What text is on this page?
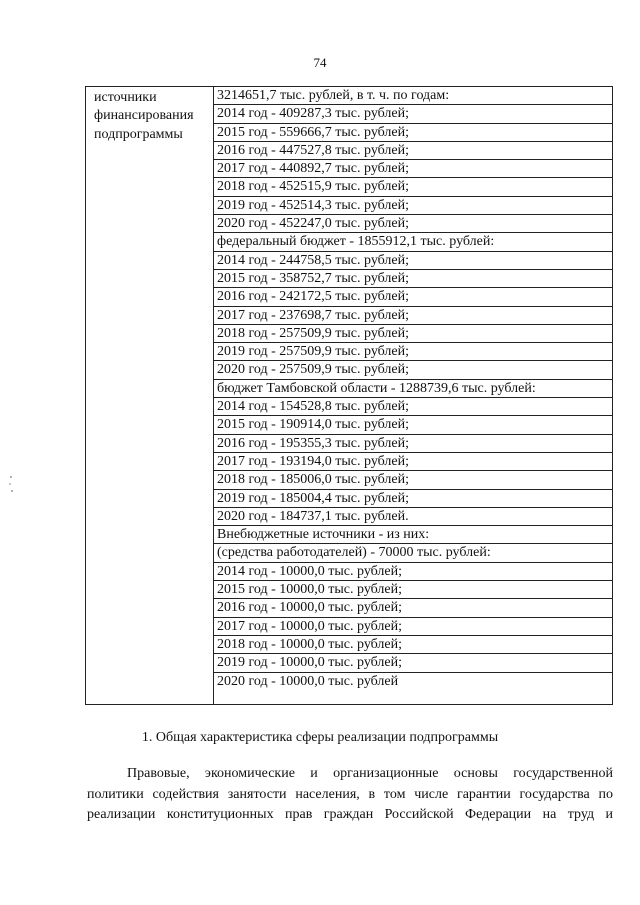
74
источники
финансирования
подпрограммы
3214651,7 тыс. рублей, в т. ч. по годам:
2014 год - 409287,3 тыс. рублей;
2015 год - 559666,7 тыс. рублей;
2016 год - 447527,8 тыс. рублей;
2017 год - 440892,7 тыс. рублей;
2018 год - 452515,9 тыс. рублей;
2019 год - 452514,3 тыс. рублей;
2020 год - 452247,0 тыс. рублей;
федеральный бюджет - 1855912,1 тыс. рублей:
2014 год - 244758,5 тыс. рублей;
2015 год - 358752,7 тыс. рублей;
2016 год - 242172,5 тыс. рублей;
2017 год - 237698,7 тыс. рублей;
2018 год - 257509,9 тыс. рублей;
2019 год - 257509,9 тыс. рублей;
2020 год - 257509,9 тыс. рублей;
бюджет Тамбовской области - 1288739,6 тыс. рублей:
2014 год - 154528,8 тыс. рублей;
2015 год - 190914,0 тыс. рублей;
2016 год - 195355,3 тыс. рублей;
2017 год - 193194,0 тыс. рублей;
2018 год - 185006,0 тыс. рублей;
2019 год - 185004,4 тыс. рублей;
2020 год - 184737,1 тыс. рублей.
Внебюджетные источники - из них:
(средства работодателей) - 70000 тыс. рублей:
2014 год - 10000,0 тыс. рублей;
2015 год - 10000,0 тыс. рублей;
2016 год - 10000,0 тыс. рублей;
2017 год - 10000,0 тыс. рублей;
2018 год - 10000,0 тыс. рублей;
2019 год - 10000,0 тыс. рублей;
2020 год - 10000,0 тыс. рублей
1. Общая характеристика сферы реализации подпрограммы
Правовые, экономические и организационные основы государственной
политики содействия занятости населения, в том числе гарантии государства по
реализации конституционных прав граждан Российской Федерации на труд и
